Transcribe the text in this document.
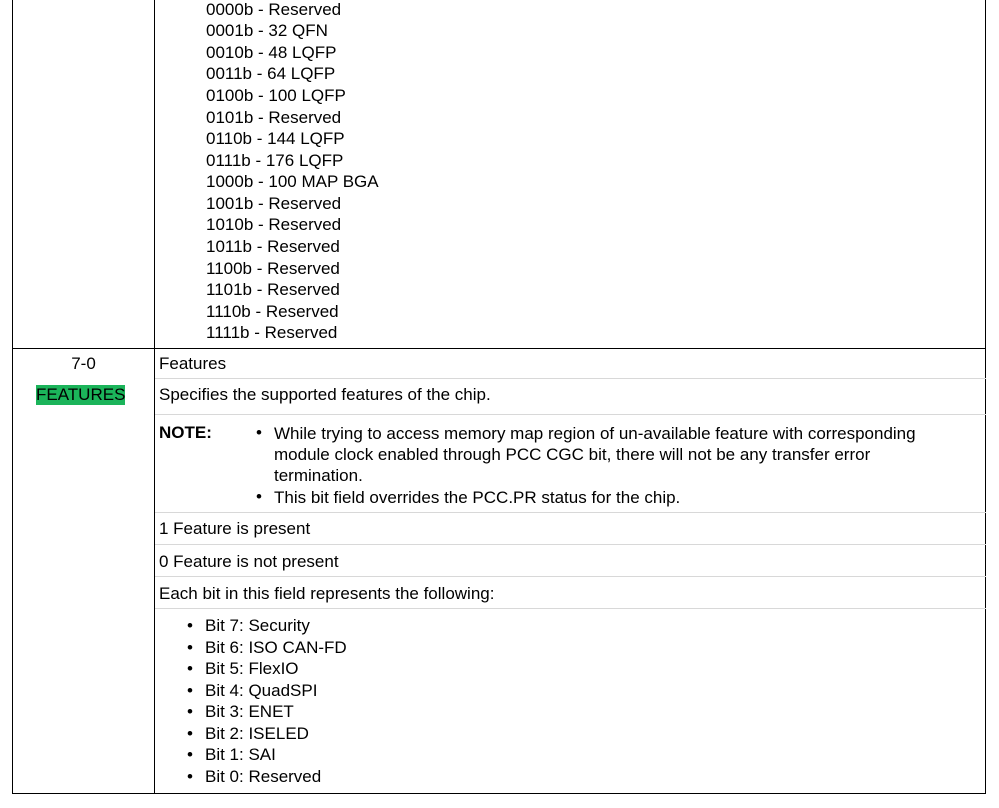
0000b - Reserved
0001b - 32 QFN
0010b - 48 LQFP
0011b - 64 LQFP
0100b - 100 LQFP
0101b - Reserved
0110b - 144 LQFP
0111b - 176 LQFP
1000b - 100 MAP BGA
1001b - Reserved
1010b - Reserved
1011b - Reserved
1100b - Reserved
1101b - Reserved
1110b - Reserved
1111b - Reserved
7-0
FEATURES
Features
Specifies the supported features of the chip.
NOTE:	• While trying to access memory map region of un-available feature with corresponding module clock enabled through PCC CGC bit, there will not be any transfer error termination.
• This bit field overrides the PCC.PR status for the chip.
1 Feature is present
0 Feature is not present
Each bit in this field represents the following:
• Bit 7: Security
• Bit 6: ISO CAN-FD
• Bit 5: FlexIO
• Bit 4: QuadSPI
• Bit 3: ENET
• Bit 2: ISELED
• Bit 1: SAI
• Bit 0: Reserved
